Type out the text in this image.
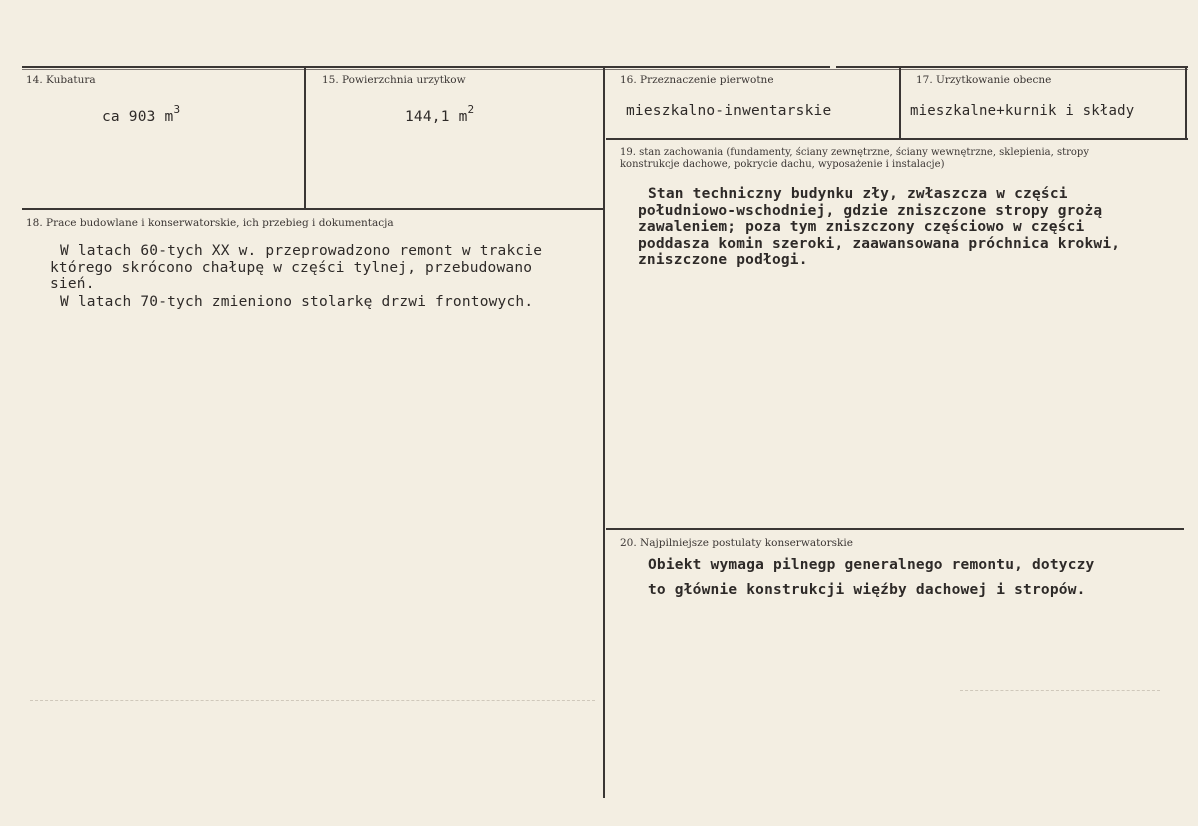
14. Kubatura
ca 903 $m^3$
15. Powierzchnia urzytkow
144,1 $m^2$
16. Przeznaczenie pierwotne
mieszkalno-inwentarskie
17. Urzytkowanie obecne
mieszkalne+kurnik i składy
18. Prace budowlane i konserwatorskie, ich przebieg i dokumentacja
W latach 60-tych XX w. przeprowadzono remont w trakcie
którego skrócono chałupę w części tylnej, przebudowano
sień.
W latach 70-tych zmieniono stolarkę drzwi frontowych.
19. stan zachowania (fundamenty, ściany zewnętrzne, ściany wewnętrzne, sklepienia, stropy
konstrukcje dachowe, pokrycie dachu, wyposażenie i instalacje)
Stan techniczny budynku zły, zwłaszcza w części
południowo-wschodniej, gdzie zniszczone stropy grożą
zawaleniem; poza tym zniszczony częściowo w części
poddasza komin szeroki, zaawansowana próchnica krokwi,
zniszczone podłogi.
20. Najpilniejsze postulaty konserwatorskie
Obiekt wymaga pilnegp generalnego remontu, dotyczy
to głównie konstrukcji więźby dachowej i stropów.
